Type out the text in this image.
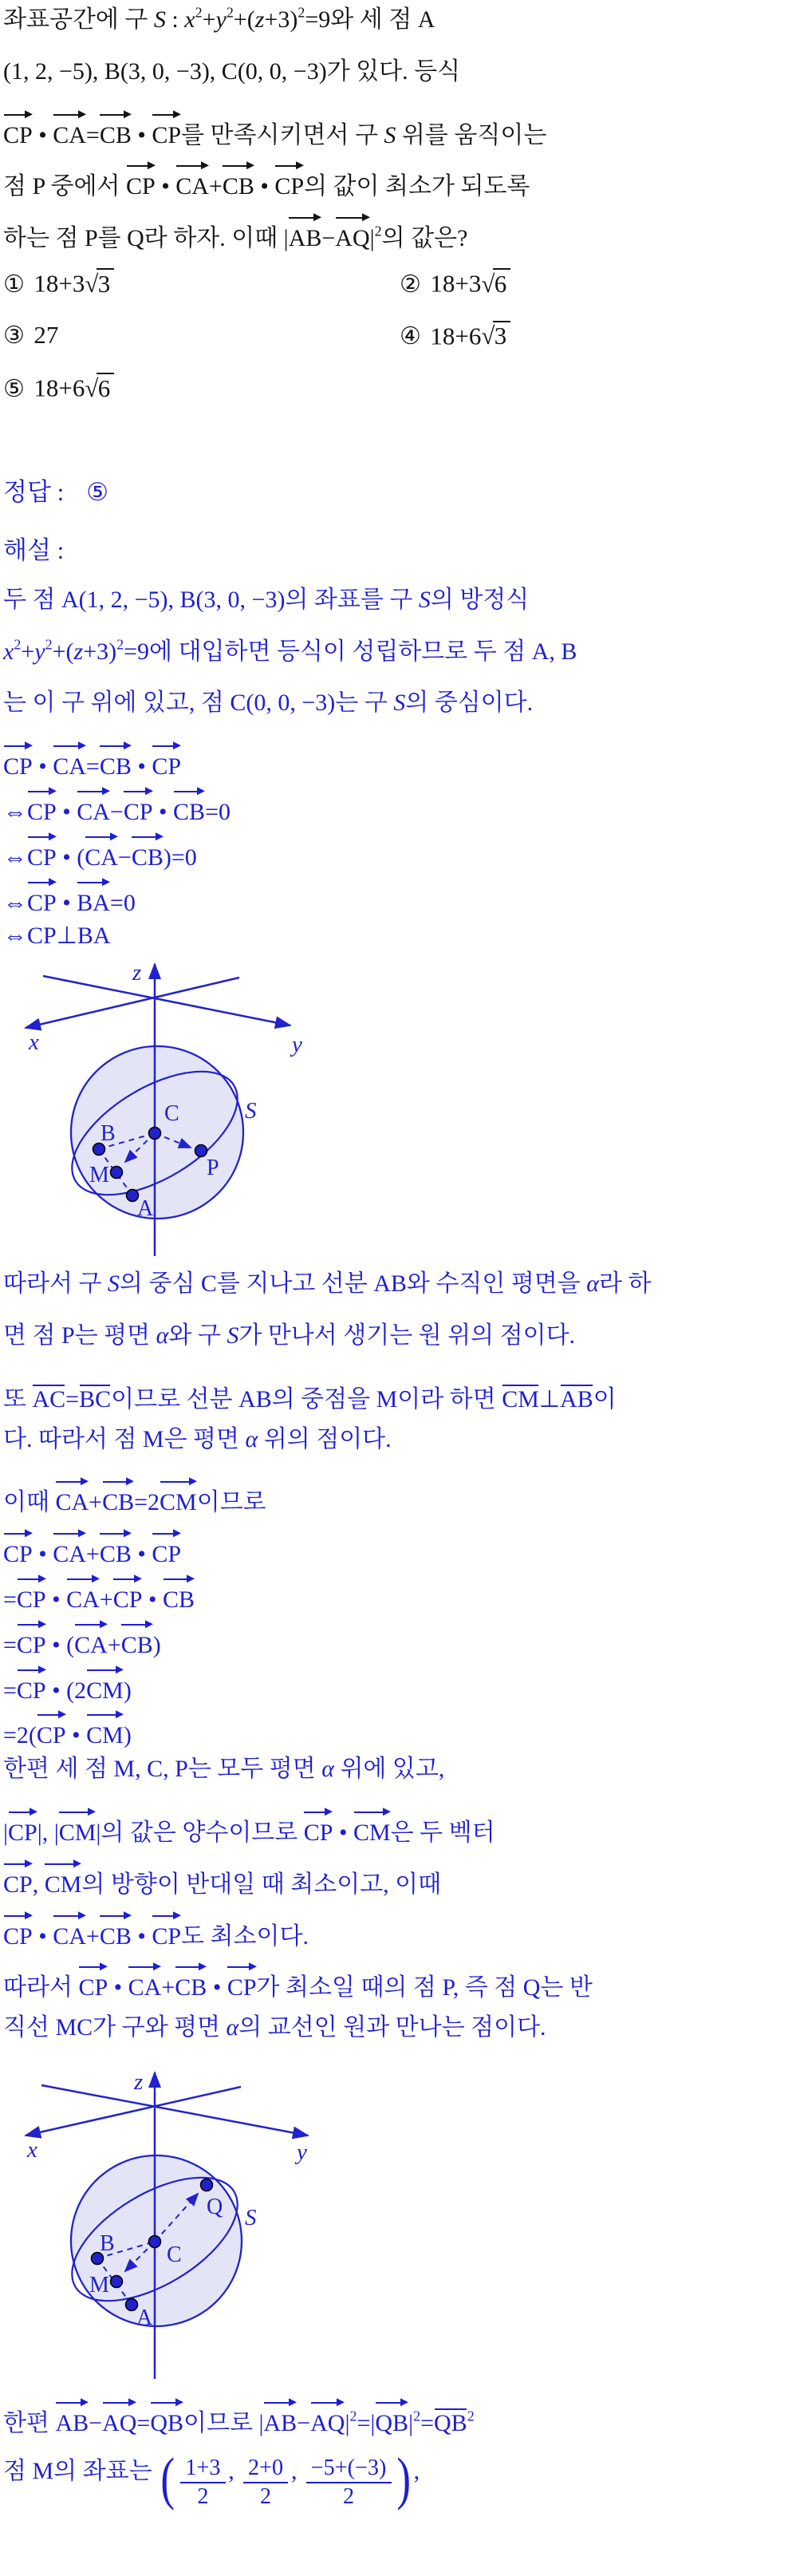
좌표공간에 구 S : $x^2+y^2+(z+3)^2=9$와 세 점 A
(1, 2, −5), B(3, 0, −3), C(0, 0, −3)가 있다. 등식
CP • CA=CB • CP를 만족시키면서 구 S 위를 움직이는
점 P 중에서 CP • CA+CB • CP의 값이 최소가 되도록
하는 점 P를 Q라 하자. 이때 $|AB-AQ|^2$의 값은?
① 18+3√3	② 18+3√6
③ 27	④ 18+6√3
⑤ 18+6√6
정답 : ⑤
해설 :
두 점 A(1, 2, −5), B(3, 0, −3)의 좌표를 구 S의 방정식
$x^2+y^2+(z+3)^2=9$에 대입하면 등식이 성립하므로 두 점 A, B
는 이 구 위에 있고, 점 C(0, 0, −3)는 구 S의 중심이다.
CP • CA=CB • CP
⇔CP • CA−CP • CB=0
⇔CP • (CA−CB)=0
⇔CP • BA=0
⇔CP⊥BA
z
x	y
S
C
B
M
A
P
따라서 구 S의 중심 C를 지나고 선분 AB와 수직인 평면을 α라 하
면 점 P는 평면 α와 구 S가 만나서 생기는 원 위의 점이다.
또 AC=BC이므로 선분 AB의 중점을 M이라 하면 CM⊥AB이
다. 따라서 점 M은 평면 α 위의 점이다.
이때 CA+CB=2CM이므로
CP • CA+CB • CP
=CP • CA+CP • CB
=CP • (CA+CB)
=CP • (2CM)
=2(CP • CM)
한편 세 점 M, C, P는 모두 평면 α 위에 있고,
|CP|, |CM|의 값은 양수이므로 CP • CM은 두 벡터
CP, CM의 방향이 반대일 때 최소이고, 이때
CP • CA+CB • CP도 최소이다.
따라서 CP • CA+CB • CP가 최소일 때의 점 P, 즉 점 Q는 반
직선 MC가 구와 평면 α의 교선인 원과 만나는 점이다.
z
x	y
S
C
B
M
A
Q
한편 AB−AQ=QB이므로 $|AB-AQ|^2=|QB|^2=QB^2$
점 M의 좌표는 ( $\frac{1+3}{2}$ , $\frac{2+0}{2}$ , $\frac{-5+(-3)}{2}$ ) ,
